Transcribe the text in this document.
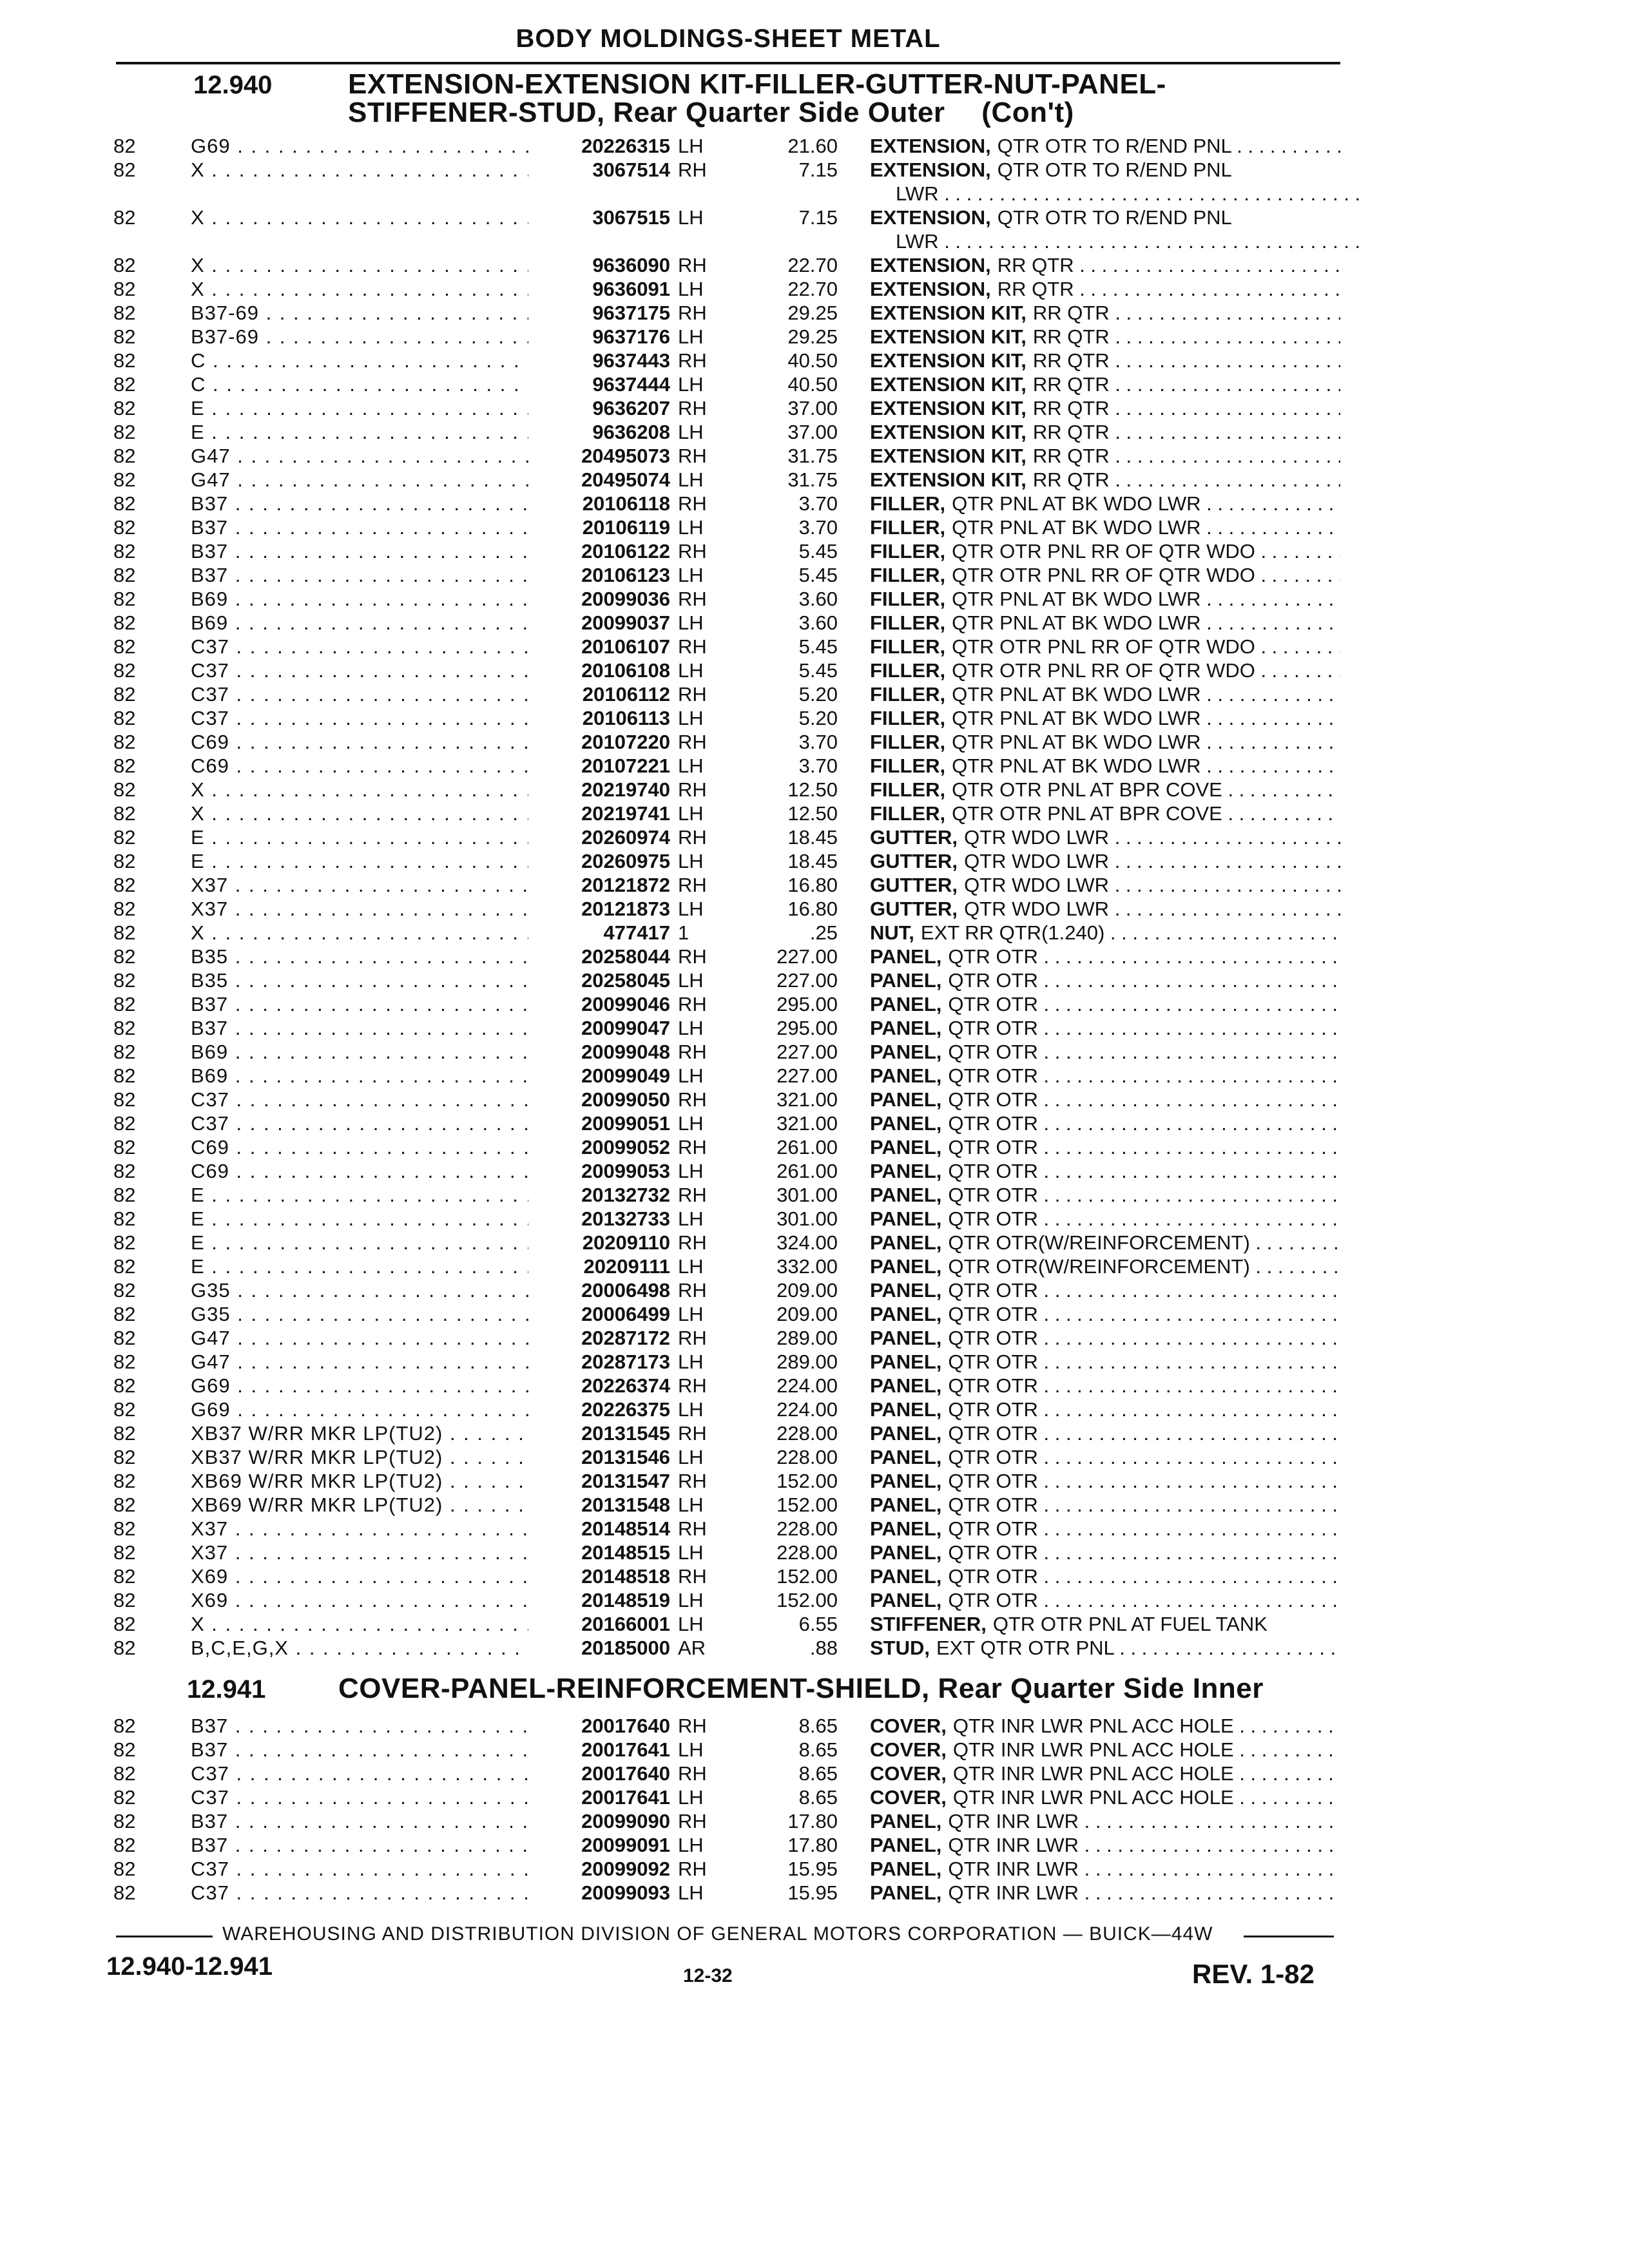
BODY MOLDINGS-SHEET METAL
12.940	EXTENSION-EXTENSION KIT-FILLER-GUTTER-NUT-PANEL-
STIFFENER-STUD, Rear Quarter Side Outer (Con't)
82	G69 . . .	20226315 LH	21.60 EXTENSION, QTR OTR TO R/END PNL . . .
82	X . . .	3067514 RH	7.15 EXTENSION, QTR OTR TO R/END PNL
LWR . . .
82	X . . .	3067515 LH	7.15 EXTENSION, QTR OTR TO R/END PNL
LWR . . .
82	X . . .	9636090 RH	22.70 EXTENSION, RR QTR . . .
82	X . . .	9636091 LH	22.70 EXTENSION, RR QTR . . .
82	B37-69 . . .	9637175 RH	29.25 EXTENSION KIT, RR QTR . . .
82	B37-69 . . .	9637176 LH	29.25 EXTENSION KIT, RR QTR . . .
82	C . . .	9637443 RH	40.50 EXTENSION KIT, RR QTR . . .
82	C . . .	9637444 LH	40.50 EXTENSION KIT, RR QTR . . .
82	E . . .	9636207 RH	37.00 EXTENSION KIT, RR QTR . . .
82	E . . .	9636208 LH	37.00 EXTENSION KIT, RR QTR . . .
82	G47 . . .	20495073 RH	31.75 EXTENSION KIT, RR QTR . . .
82	G47 . . .	20495074 LH	31.75 EXTENSION KIT, RR QTR . . .
82	B37 . . .	20106118 RH	3.70 FILLER, QTR PNL AT BK WDO LWR . . .
82	B37 . . .	20106119 LH	3.70 FILLER, QTR PNL AT BK WDO LWR . . .
82	B37 . . .	20106122 RH	5.45 FILLER, QTR OTR PNL RR OF QTR WDO . . .
82	B37 . . .	20106123 LH	5.45 FILLER, QTR OTR PNL RR OF QTR WDO . . .
82	B69 . . .	20099036 RH	3.60 FILLER, QTR PNL AT BK WDO LWR . . .
82	B69 . . .	20099037 LH	3.60 FILLER, QTR PNL AT BK WDO LWR . . .
82	C37 . . .	20106107 RH	5.45 FILLER, QTR OTR PNL RR OF QTR WDO . . .
82	C37 . . .	20106108 LH	5.45 FILLER, QTR OTR PNL RR OF QTR WDO . . .
82	C37 . . .	20106112 RH	5.20 FILLER, QTR PNL AT BK WDO LWR . . .
82	C37 . . .	20106113 LH	5.20 FILLER, QTR PNL AT BK WDO LWR . . .
82	C69 . . .	20107220 RH	3.70 FILLER, QTR PNL AT BK WDO LWR . . .
82	C69 . . .	20107221 LH	3.70 FILLER, QTR PNL AT BK WDO LWR . . .
82	X . . .	20219740 RH	12.50 FILLER, QTR OTR PNL AT BPR COVE . . .
82	X . . .	20219741 LH	12.50 FILLER, QTR OTR PNL AT BPR COVE . . .
82	E . . .	20260974 RH	18.45 GUTTER, QTR WDO LWR . . .
82	E . . .	20260975 LH	18.45 GUTTER, QTR WDO LWR . . .
82	X37 . . .	20121872 RH	16.80 GUTTER, QTR WDO LWR . . .
82	X37 . . .	20121873 LH	16.80 GUTTER, QTR WDO LWR . . .
82	X . . .	477417 1	.25 NUT, EXT RR QTR(1.240) . . .
82	B35 . . .	20258044 RH	227.00 PANEL, QTR OTR . . .
82	B35 . . .	20258045 LH	227.00 PANEL, QTR OTR . . .
82	B37 . . .	20099046 RH	295.00 PANEL, QTR OTR . . .
82	B37 . . .	20099047 LH	295.00 PANEL, QTR OTR . . .
82	B69 . . .	20099048 RH	227.00 PANEL, QTR OTR . . .
82	B69 . . .	20099049 LH	227.00 PANEL, QTR OTR . . .
82	C37 . . .	20099050 RH	321.00 PANEL, QTR OTR . . .
82	C37 . . .	20099051 LH	321.00 PANEL, QTR OTR . . .
82	C69 . . .	20099052 RH	261.00 PANEL, QTR OTR . . .
82	C69 . . .	20099053 LH	261.00 PANEL, QTR OTR . . .
82	E . . .	20132732 RH	301.00 PANEL, QTR OTR . . .
82	E . . .	20132733 LH	301.00 PANEL, QTR OTR . . .
82	E . . .	20209110 RH	324.00 PANEL, QTR OTR(W/REINFORCEMENT) . . .
82	E . . .	20209111 LH	332.00 PANEL, QTR OTR(W/REINFORCEMENT) . . .
82	G35 . . .	20006498 RH	209.00 PANEL, QTR OTR . . .
82	G35 . . .	20006499 LH	209.00 PANEL, QTR OTR . . .
82	G47 . . .	20287172 RH	289.00 PANEL, QTR OTR . . .
82	G47 . . .	20287173 LH	289.00 PANEL, QTR OTR . . .
82	G69 . . .	20226374 RH	224.00 PANEL, QTR OTR . . .
82	G69 . . .	20226375 LH	224.00 PANEL, QTR OTR . . .
82	XB37 W/RR MKR LP(TU2) . . .	20131545 RH	228.00 PANEL, QTR OTR . . .
82	XB37 W/RR MKR LP(TU2) . . .	20131546 LH	228.00 PANEL, QTR OTR . . .
82	XB69 W/RR MKR LP(TU2) . . .	20131547 RH	152.00 PANEL, QTR OTR . . .
82	XB69 W/RR MKR LP(TU2) . . .	20131548 LH	152.00 PANEL, QTR OTR . . .
82	X37 . . .	20148514 RH	228.00 PANEL, QTR OTR . . .
82	X37 . . .	20148515 LH	228.00 PANEL, QTR OTR . . .
82	X69 . . .	20148518 RH	152.00 PANEL, QTR OTR . . .
82	X69 . . .	20148519 LH	152.00 PANEL, QTR OTR . . .
82	X . . .	20166001 LH	6.55 STIFFENER, QTR OTR PNL AT FUEL TANK
82	B,C,E,G,X . . .	20185000 AR	.88 STUD, EXT QTR OTR PNL . . .
12.941	COVER-PANEL-REINFORCEMENT-SHIELD, Rear Quarter Side Inner
82	B37 . . .	20017640 RH	8.65 COVER, QTR INR LWR PNL ACC HOLE . . .
82	B37 . . .	20017641 LH	8.65 COVER, QTR INR LWR PNL ACC HOLE . . .
82	C37 . . .	20017640 RH	8.65 COVER, QTR INR LWR PNL ACC HOLE . . .
82	C37 . . .	20017641 LH	8.65 COVER, QTR INR LWR PNL ACC HOLE . . .
82	B37 . . .	20099090 RH	17.80 PANEL, QTR INR LWR . . .
82	B37 . . .	20099091 LH	17.80 PANEL, QTR INR LWR . . .
82	C37 . . .	20099092 RH	15.95 PANEL, QTR INR LWR . . .
82	C37 . . .	20099093 LH	15.95 PANEL, QTR INR LWR . . .
WAREHOUSING AND DISTRIBUTION DIVISION OF GENERAL MOTORS CORPORATION — BUICK—44W
12.940-12.941	12-32	REV. 1-82
